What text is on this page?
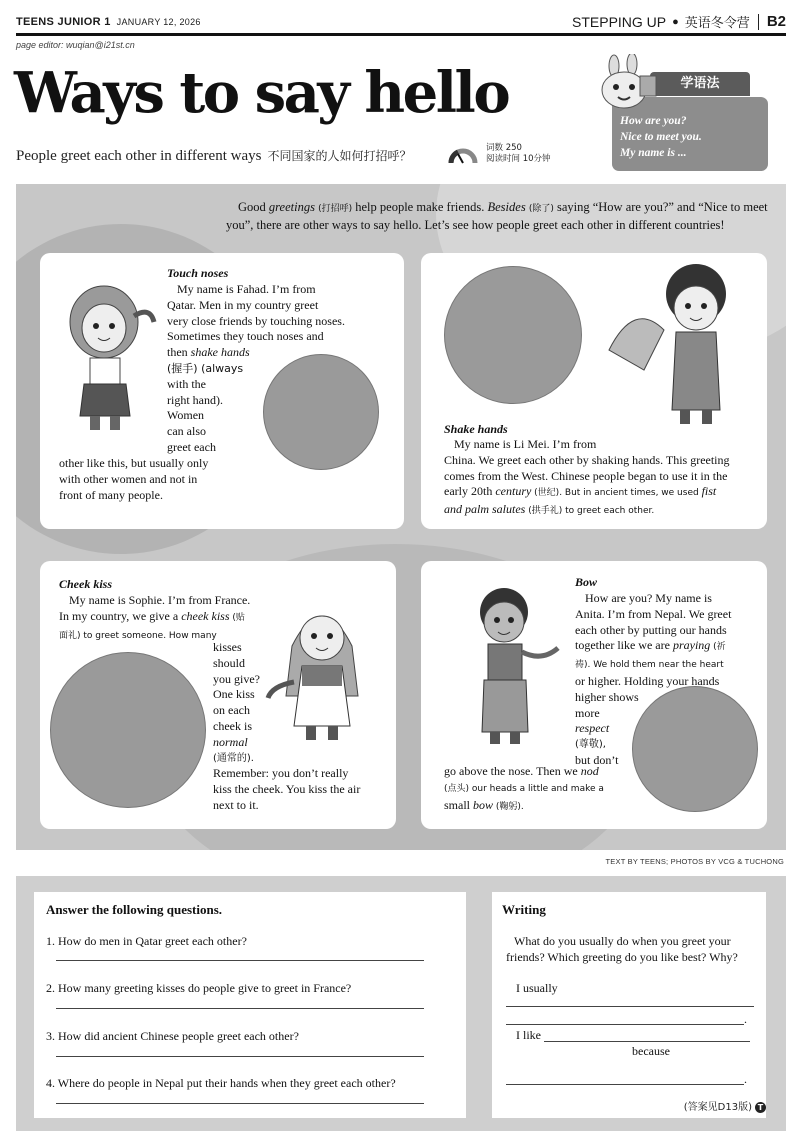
TEENS JUNIOR 1 JANUARY 12, 2026	STEPPING UP ● 英语冬令营 B2
page editor: wuqian@i21st.cn
Ways to say hello
People greet each other in different ways 不同国家的人如何打招呼？
词数 250
阅读时间 10分钟
How are you?
Nice to meet you.
My name is ...
学语法
Good greetings (打招呼) help people make friends. Besides (除了) saying “How are you?” and “Nice to meet you”, there are other ways to say hello. Let’s see how people greet each other in different countries!
Touch noses
My name is Fahad. I’m from
Qatar. Men in my country greet
very close friends by touching noses.
Sometimes they touch noses and
then shake hands
(握手) (always
with the
right hand).
Women
can also
greet each
other like this, but usually only
with other women and not in
front of many people.
Shake hands
My name is Li Mei. I’m from
China. We greet each other by shaking hands. This greeting
comes from the West. Chinese people began to use it in the
early 20th century (世纪). But in ancient times, we used fist
and palm salutes (拱手礼) to greet each other.
Cheek kiss
My name is Sophie. I’m from France.
In my country, we give a cheek kiss (贴
面礼) to greet someone. How many
kisses
should
you give?
One kiss
on each
cheek is
normal
(通常的).
Remember: you don’t really
kiss the cheek. You kiss the air
next to it.
Bow
How are you? My name is
Anita. I’m from Nepal. We greet
each other by putting our hands
together like we are praying (祈
祷). We hold them near the heart
or higher. Holding your hands
higher shows
more
respect
(尊敬),
but don’t
go above the nose. Then we nod
(点头) our heads a little and make a
small bow (鞠躬).
TEXT BY TEENS; PHOTOS BY VCG & TUCHONG
Answer the following questions.
1. How do men in Qatar greet each other?
2. How many greeting kisses do people give to greet in France?
3. How did ancient Chinese people greet each other?
4. Where do people in Nepal put their hands when they greet each other?
Writing
What do you usually do when you greet your
friends? Which greeting do you like best? Why?
I usually
.
I like
because
.
(答案见D13版) T
